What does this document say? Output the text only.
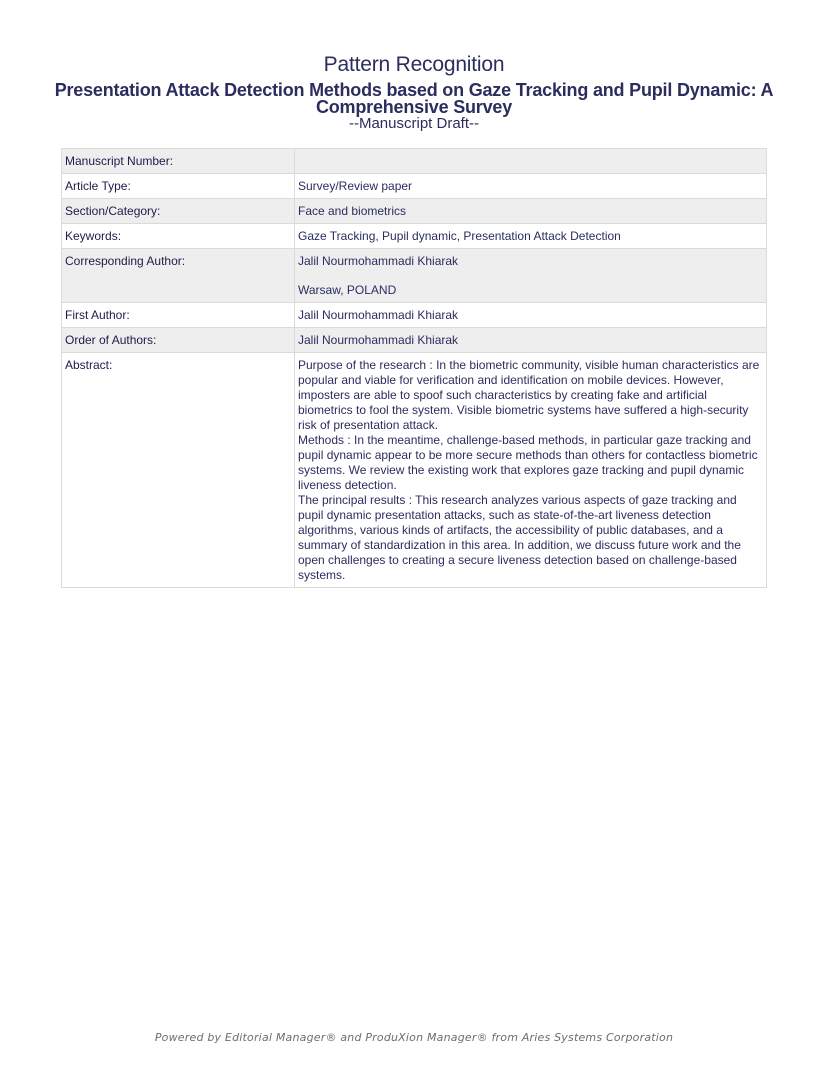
Pattern Recognition
Presentation Attack Detection Methods based on Gaze Tracking and Pupil Dynamic: A Comprehensive Survey
--Manuscript Draft--
Manuscript Number:	
Article Type:	Survey/Review paper
Section/Category:	Face and biometrics
Keywords:	Gaze Tracking, Pupil dynamic, Presentation Attack Detection
Corresponding Author:	Jalil Nourmohammadi Khiarak
Warsaw, POLAND

First Author:	Jalil Nourmohammadi Khiarak
Order of Authors:	Jalil Nourmohammadi Khiarak
Abstract:	Purpose of the research : In the biometric community, visible human characteristics are popular and viable for verification and identification on mobile devices. However, imposters are able to spoof such characteristics by creating fake and artificial biometrics to fool the system. Visible biometric systems have suffered a high-security risk of presentation attack.

Methods : In the meantime, challenge-based methods, in particular gaze tracking and pupil dynamic appear to be more secure methods than others for contactless biometric systems. We review the existing work that explores gaze tracking and pupil dynamic liveness detection.

The principal results : This research analyzes various aspects of gaze tracking and pupil dynamic presentation attacks, such as state-of-the-art liveness detection algorithms, various kinds of artifacts, the accessibility of public databases, and a summary of standardization in this area. In addition, we discuss future work and the open challenges to creating a secure liveness detection based on challenge-based systems.

Powered by Editorial Manager® and ProduXion Manager® from Aries Systems Corporation
